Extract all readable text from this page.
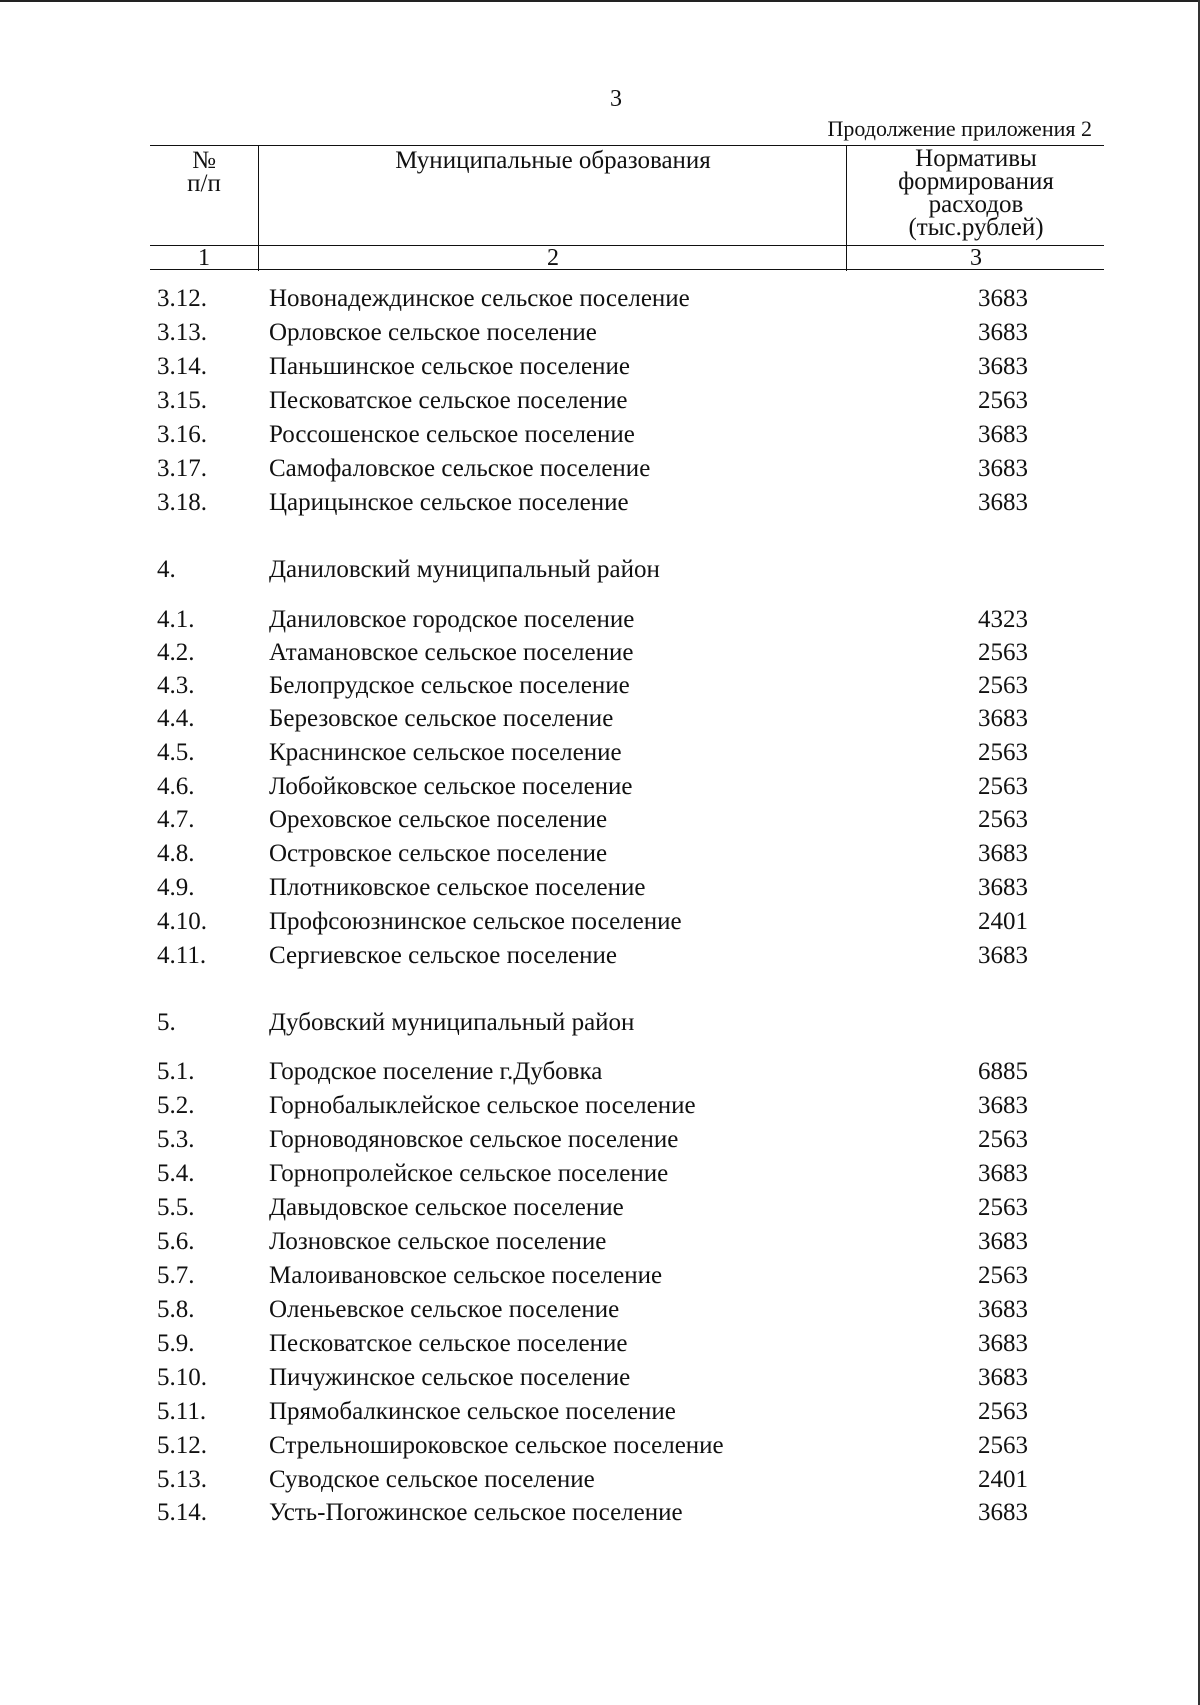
3
Продолжение приложения 2
№
п/п
Муниципальные образования	Нормативы
формирования
расходов
(тыс.рублей)
1	2	3
3.12. Новонадеждинское сельское поселение	3683
3.13. Орловское сельское поселение	3683
3.14. Паньшинское сельское поселение	3683
3.15. Песковатское сельское поселение	2563
3.16. Россошенское сельское поселение	3683
3.17. Самофаловское сельское поселение	3683
3.18. Царицынское сельское поселение	3683
4.	Даниловский муниципальный район
4.1.	Даниловское городское поселение	4323
4.2.	Атамановское сельское поселение	2563
4.3.	Белопрудское сельское поселение	2563
4.4.	Березовское сельское поселение	3683
4.5.	Краснинское сельское поселение	2563
4.6.	Лобойковское сельское поселение	2563
4.7.	Ореховское сельское поселение	2563
4.8.	Островское сельское поселение	3683
4.9.	Плотниковское сельское поселение	3683
4.10. Профсоюзнинское сельское поселение	2401
4.11.	Сергиевское сельское поселение	3683
5.	Дубовский муниципальный район
5.1.	Городское поселение г.Дубовка	6885
5.2.	Горнобалыклейское сельское поселение	3683
5.3.	Горноводяновское сельское поселение	2563
5.4.	Горнопролейское сельское поселение	3683
5.5.	Давыдовское сельское поселение	2563
5.6.	Лозновское сельское поселение	3683
5.7.	Малоивановское сельское поселение	2563
5.8.	Оленьевское сельское поселение	3683
5.9.	Песковатское сельское поселение	3683
5.10. Пичужинское сельское поселение	3683
5.11.	Прямобалкинское сельское поселение	2563
5.12. Стрельноширoковское сельское поселение	2563
5.13. Суводское сельское поселение	2401
5.14. Усть-Погожинское сельское поселение	3683
